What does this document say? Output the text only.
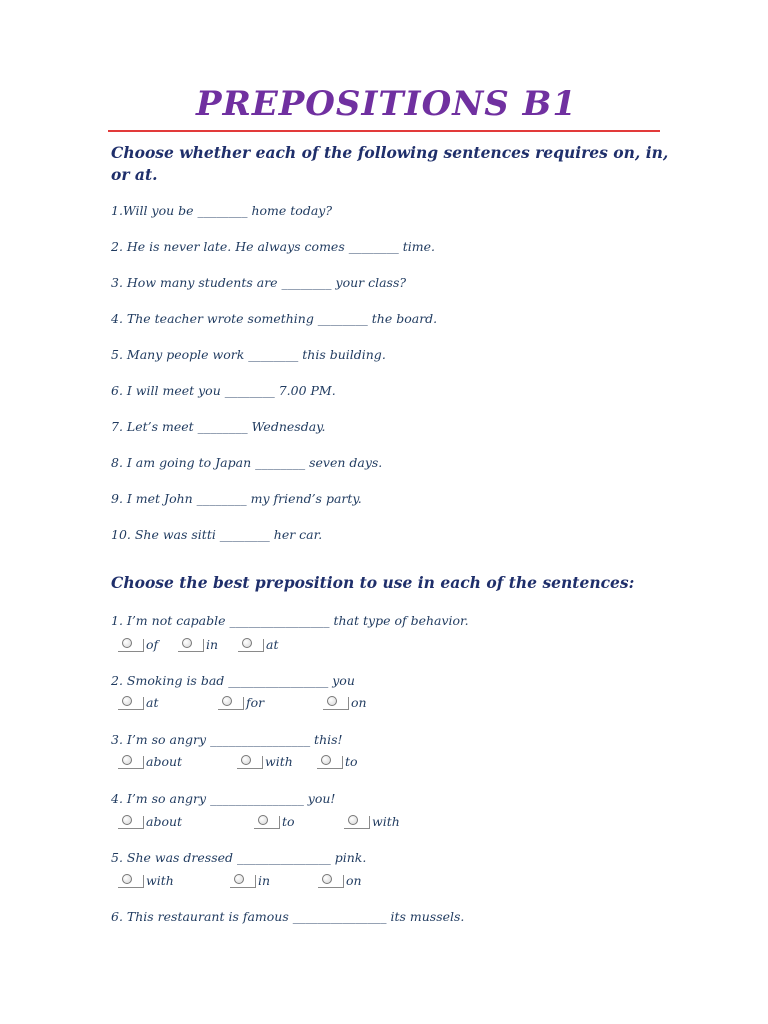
PREPOSITIONS B1

Choose whether each of the following sentences requires on, in, or at.

1.Will you be ________ home today?

2. He is never late. He always comes ________ time.

3. How many students are ________ your class?

4. The teacher wrote something ________ the board.

5. Many people work ________ this building.

6. I will meet you ________ 7.00 PM.

7. Let’s meet ________ Wednesday.

8. I am going to Japan ________ seven days.

9. I met John ________ my friend’s party.

10. She was sitti ________ her car.

Choose the best preposition to use in each of the sentences:

1. I’m not capable ________________ that type of behavior.

of	in	at

2. Smoking is bad ________________ you

at	for	on

3. I’m so angry ________________ this!

about	with	to

4. I’m so angry _______________ you!

about	to	with

5. She was dressed _______________ pink.

with	in	on

6. This restaurant is famous _______________ its mussels.
